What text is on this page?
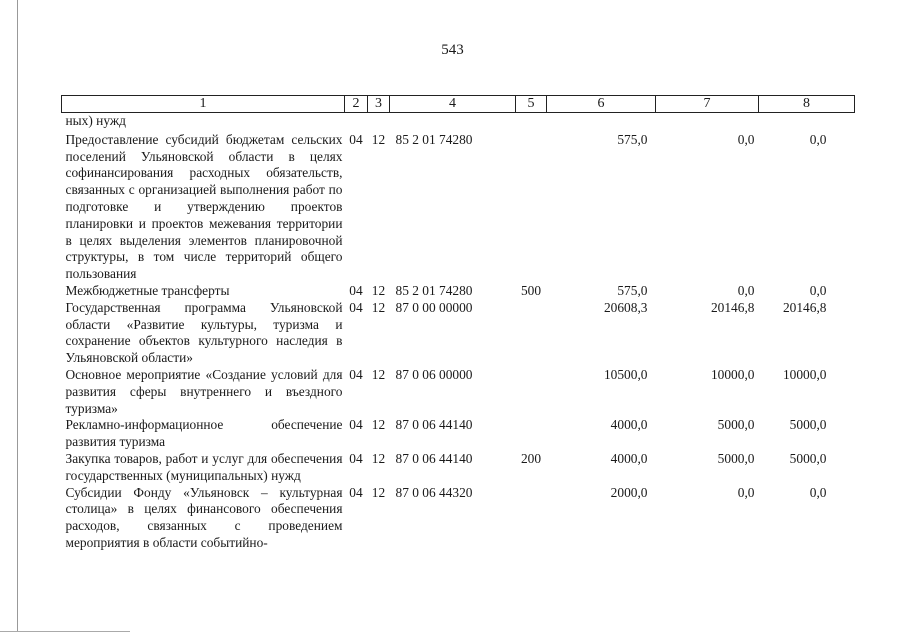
543
1	2	3	4	5	6	7	8
ных) нужд							
Предоставление субсидий бюджетам сельских поселений Ульяновской области в целях софинансирования расходных обязательств, связанных с организацией выполнения работ по подготовке и утверждению проектов планировки и проектов межевания территории в целях выделения элементов планировочной структуры, в том числе территорий общего пользования	04	12	85 2 01 74280		575,0	0,0	0,0
Межбюджетные трансферты	04	12	85 2 01 74280	500	575,0	0,0	0,0
Государственная программа Ульяновской области «Развитие культуры, туризма и сохранение объектов культурного наследия в Ульяновской области»	04	12	87 0 00 00000		20608,3	20146,8	20146,8
Основное мероприятие «Создание условий для развития сферы внутреннего и въездного туризма»	04	12	87 0 06 00000		10500,0	10000,0	10000,0
Рекламно-информационное обеспечение развития туризма	04	12	87 0 06 44140		4000,0	5000,0	5000,0
Закупка товаров, работ и услуг для обеспечения государственных (муниципальных) нужд	04	12	87 0 06 44140	200	4000,0	5000,0	5000,0
Субсидии Фонду «Ульяновск – культурная столица» в целях финансового обеспечения расходов, связанных с проведением мероприятия в области событийно-	04	12	87 0 06 44320		2000,0	0,0	0,0
